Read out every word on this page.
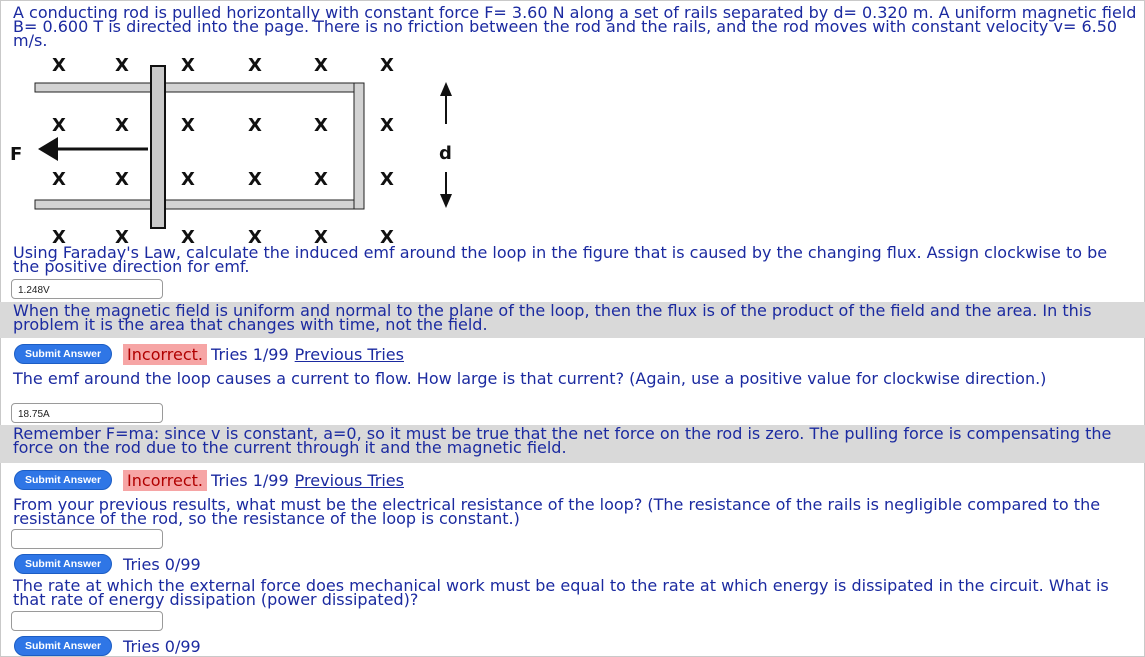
A conducting rod is pulled horizontally with constant force F= 3.60 N along a set of rails separated by d= 0.320 m. A uniform magnetic field B= 0.600 T is directed into the page. There is no friction between the rod and the rails, and the rod moves with constant velocity v= 6.50 m/s.
X	X	X	X	X	X
X	X	X	X	X	X
X	X	X	X	X	X
X	X	X	X	X	X
F	d
Using Faraday's Law, calculate the induced emf around the loop in the figure that is caused by the changing flux. Assign clockwise to be the positive direction for emf.
1.248V
When the magnetic field is uniform and normal to the plane of the loop, then the flux is of the product of the field and the area. In this problem it is the area that changes with time, not the field.
Submit Answer	Incorrect. Tries 1/99 Previous Tries
The emf around the loop causes a current to flow. How large is that current? (Again, use a positive value for clockwise direction.)
18.75A
Remember F=ma: since v is constant, a=0, so it must be true that the net force on the rod is zero. The pulling force is compensating the force on the rod due to the current through it and the magnetic field.
Submit Answer	Incorrect. Tries 1/99 Previous Tries
From your previous results, what must be the electrical resistance of the loop? (The resistance of the rails is negligible compared to the resistance of the rod, so the resistance of the loop is constant.)
Submit Answer	Tries 0/99
The rate at which the external force does mechanical work must be equal to the rate at which energy is dissipated in the circuit. What is that rate of energy dissipation (power dissipated)?
Submit Answer	Tries 0/99
